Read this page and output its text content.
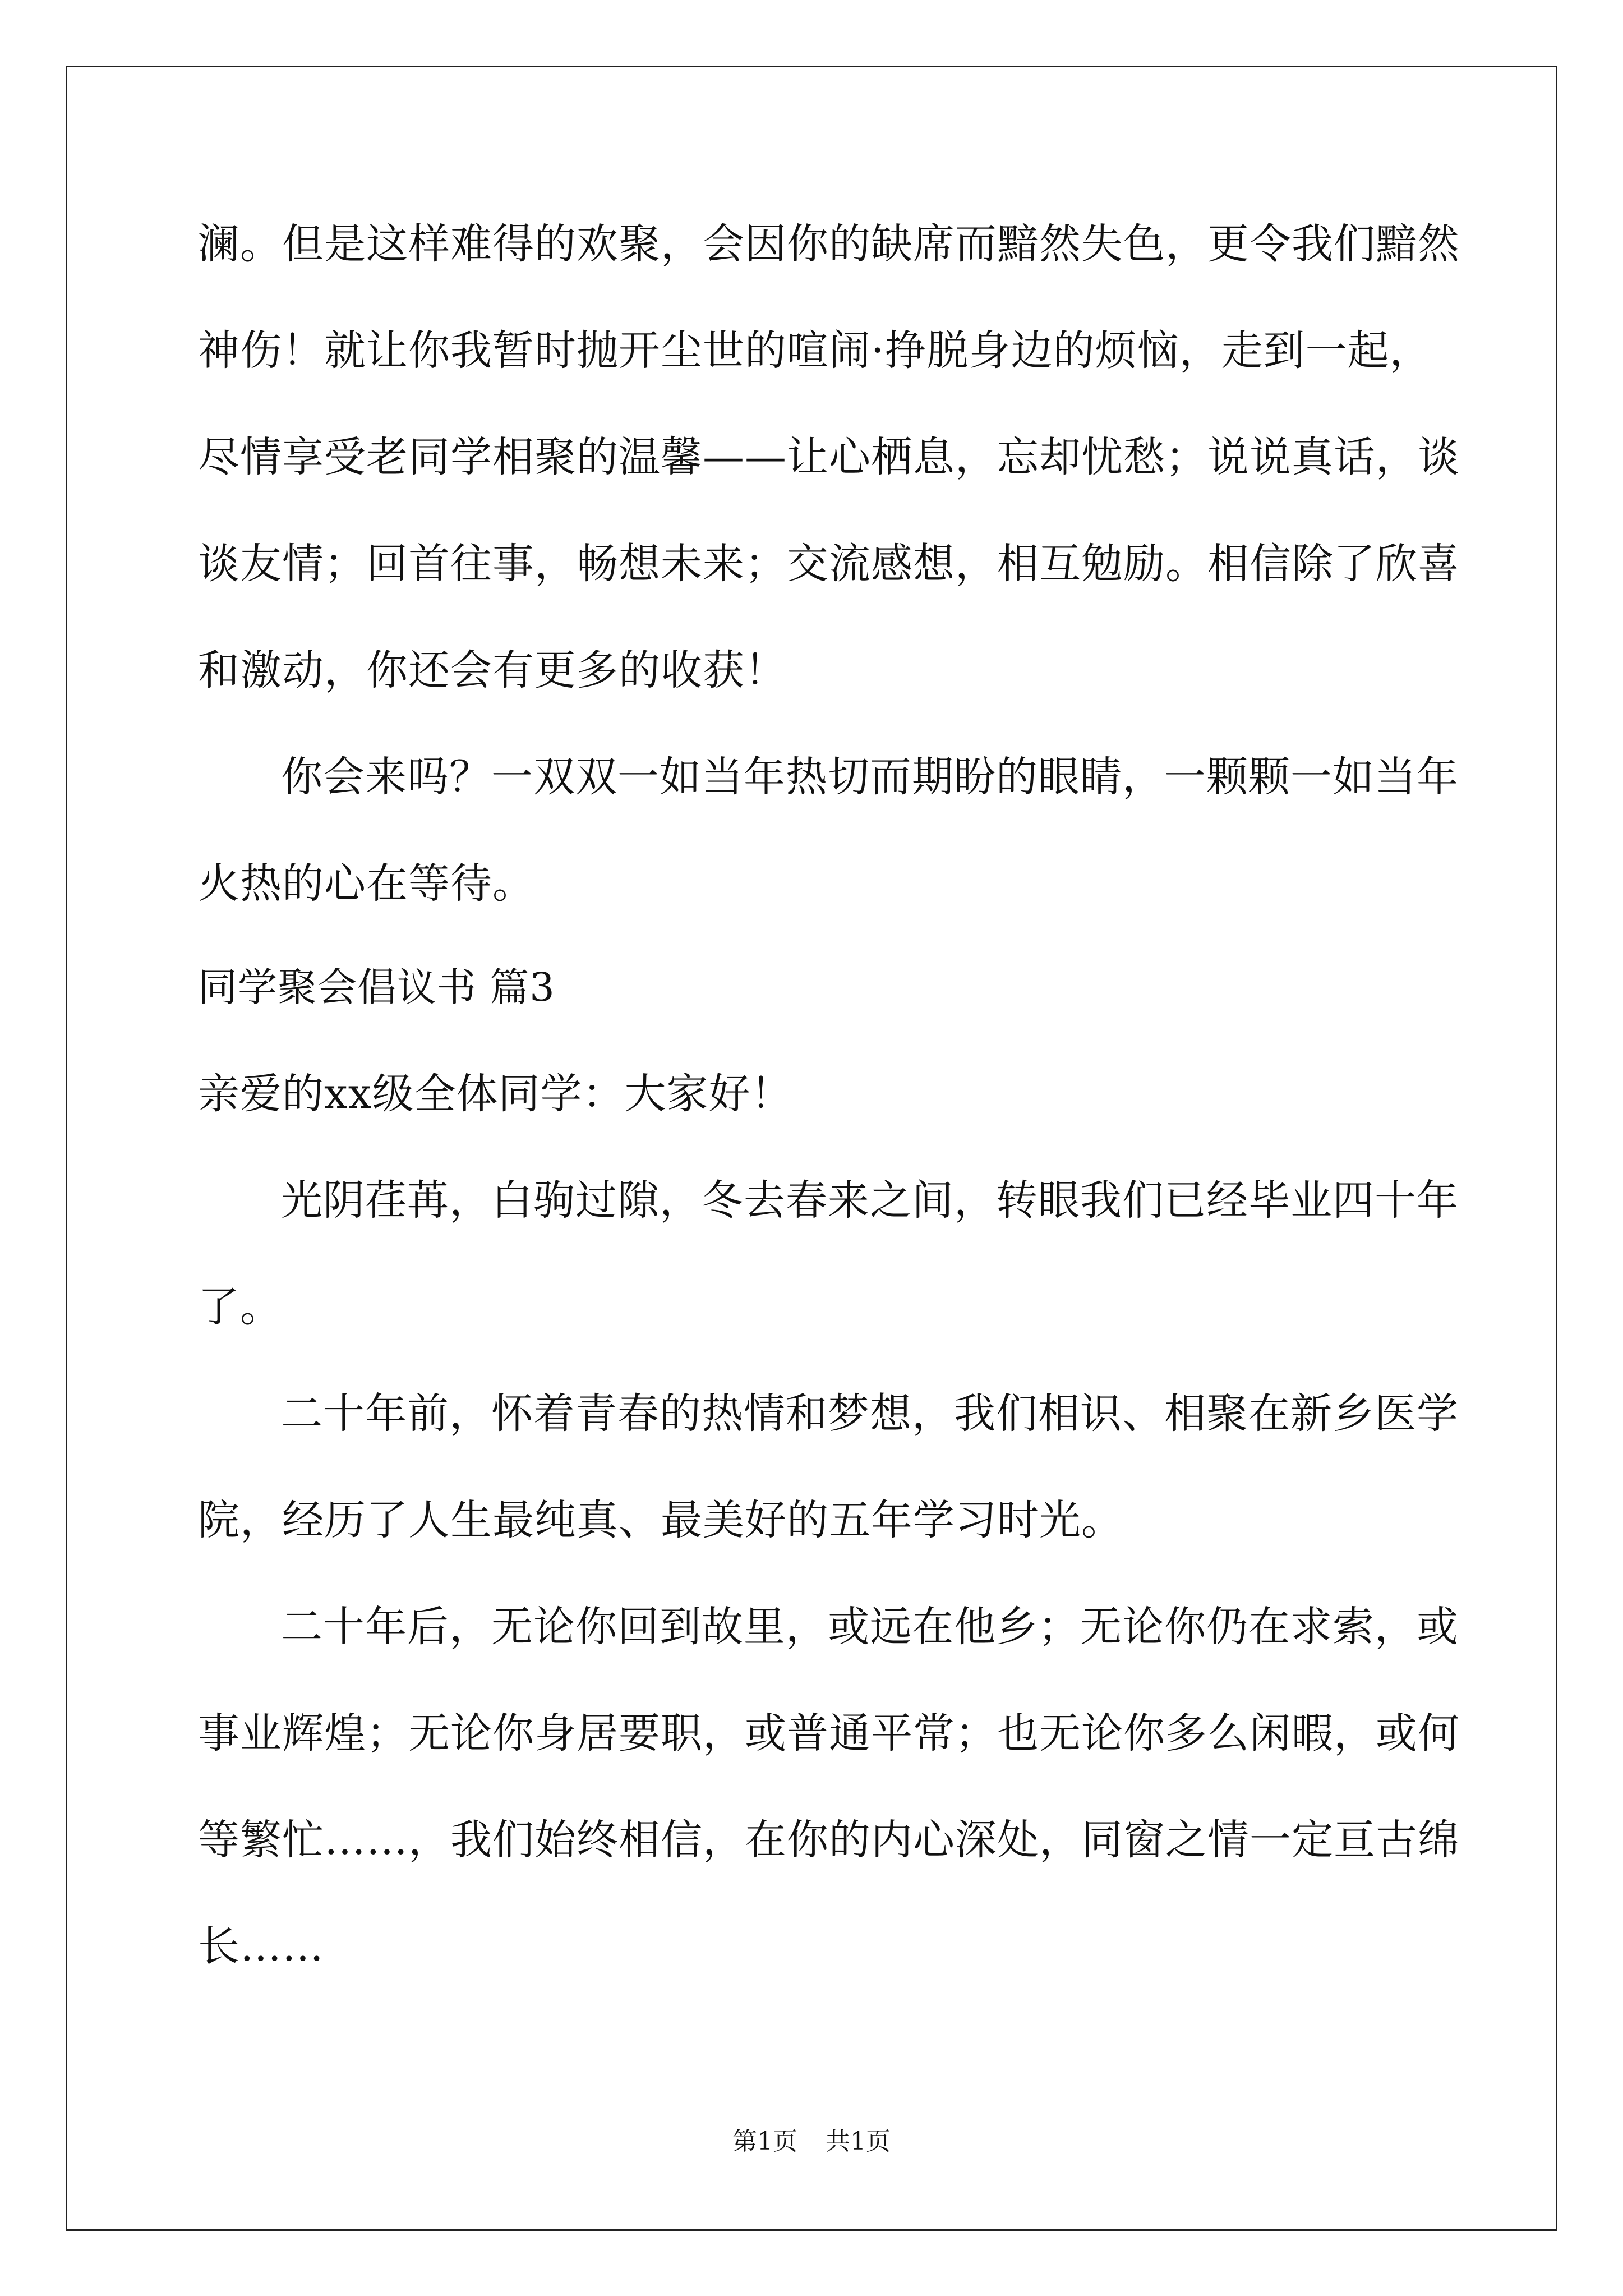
澜。但是这样难得的欢聚，会因你的缺席而黯然失色，更令我们黯然
神伤！就让你我暂时抛开尘世的喧闹·挣脱身边的烦恼，走到一起，
尽情享受老同学相聚的温馨——让心栖息，忘却忧愁；说说真话，谈
谈友情；回首往事，畅想未来；交流感想，相互勉励。相信除了欣喜
和激动，你还会有更多的收获！
你会来吗？一双双一如当年热切而期盼的眼睛，一颗颗一如当年
火热的心在等待。
同学聚会倡议书 篇3
亲爱的xx级全体同学：大家好！
光阴荏苒，白驹过隙，冬去春来之间，转眼我们已经毕业四十年
了。
二十年前，怀着青春的热情和梦想，我们相识、相聚在新乡医学
院，经历了人生最纯真、最美好的五年学习时光。
二十年后，无论你回到故里，或远在他乡；无论你仍在求索，或
事业辉煌；无论你身居要职，或普通平常；也无论你多么闲暇，或何
等繁忙……，我们始终相信，在你的内心深处，同窗之情一定亘古绵
长……
第1页 共1页
